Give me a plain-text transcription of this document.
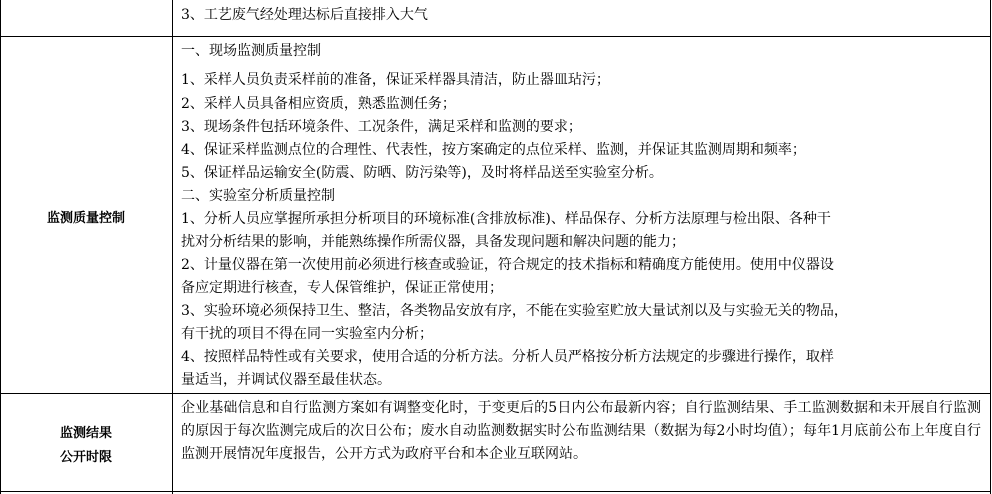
3、工艺废气经处理达标后直接排入大气
监测质量控制
一、现场监测质量控制
1、采样人员负责采样前的准备，保证采样器具清洁，防止器皿玷污；
2、采样人员具备相应资质，熟悉监测任务；
3、现场条件包括环境条件、工况条件，满足采样和监测的要求；
4、保证采样监测点位的合理性、代表性，按方案确定的点位采样、监测，并保证其监测周期和频率；
5、保证样品运输安全(防震、防晒、防污染等)，及时将样品送至实验室分析。
二、实验室分析质量控制
1、分析人员应掌握所承担分析项目的环境标准(含排放标准)、样品保存、分析方法原理与检出限、各种干
扰对分析结果的影响，并能熟练操作所需仪器，具备发现问题和解决问题的能力；
2、计量仪器在第一次使用前必须进行核查或验证，符合规定的技术指标和精确度方能使用。使用中仪器设
备应定期进行核查，专人保管维护，保证正常使用；
3、实验环境必须保持卫生、整洁，各类物品安放有序，不能在实验室贮放大量试剂以及与实验无关的物品，
有干扰的项目不得在同一实验室内分析；
4、按照样品特性或有关要求，使用合适的分析方法。分析人员严格按分析方法规定的步骤进行操作，取样
量适当，并调试仪器至最佳状态。
监测结果
公开时限
企业基础信息和自行监测方案如有调整变化时，于变更后的5日内公布最新内容；自行监测结果、手工监测数据和未开展自行监测的原因于每次监测完成后的次日公布；废水自动监测数据实时公布监测结果（数据为每2小时均值）；每年1月底前公布上年度自行监测开展情况年度报告，公开方式为政府平台和本企业互联网站。
